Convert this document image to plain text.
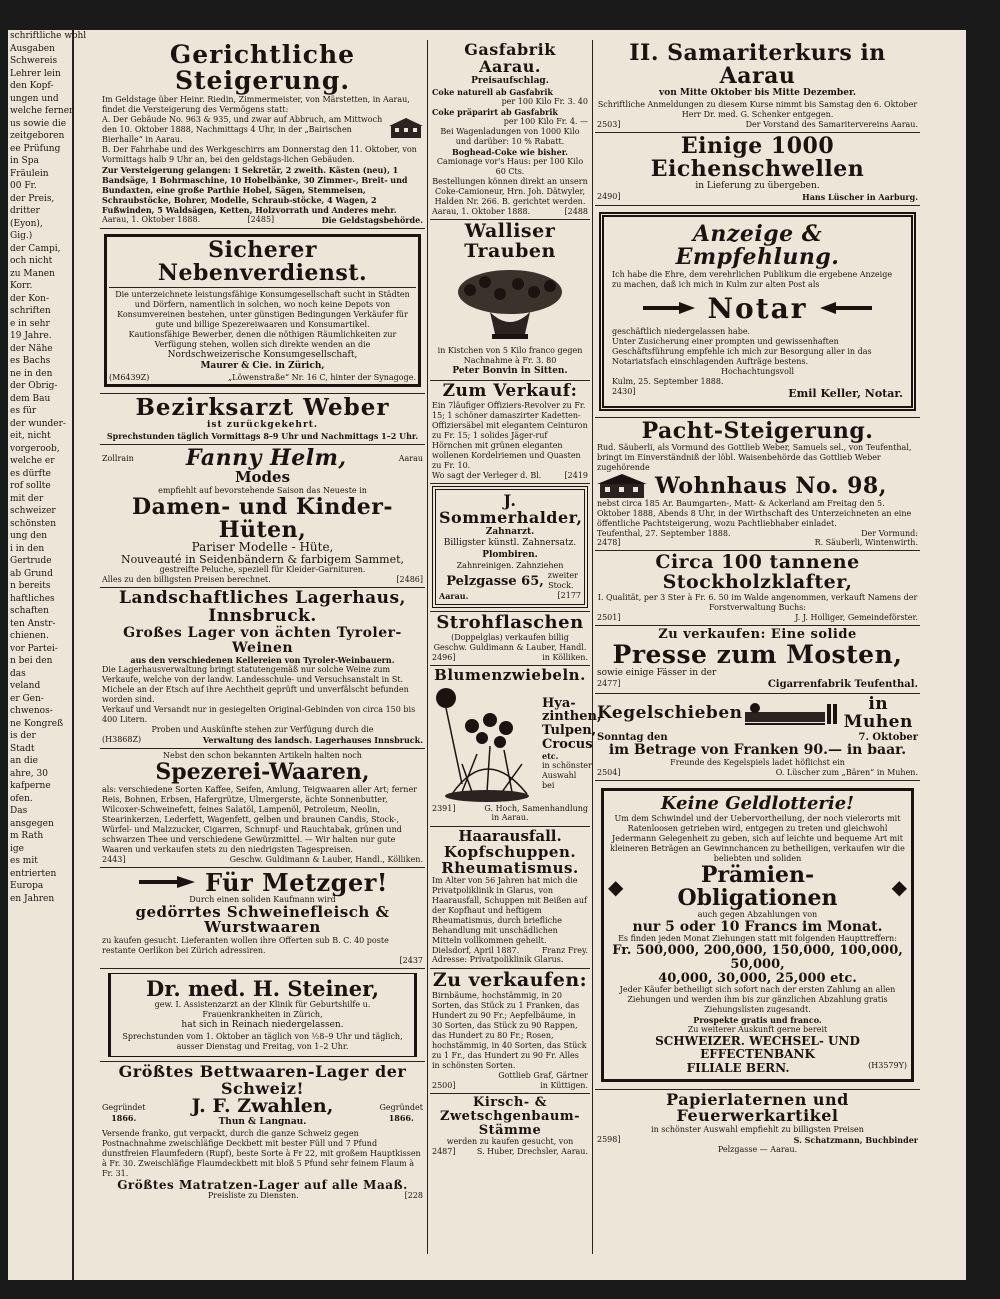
schriftliche wohl
Ausgaben
Schwereis
Lehrer lein
den Kopf-
ungen und
welche ferner
us sowie die
zeitgeboren
ee Prüfung
in Spa
Fräulein
00 Fr.
der Preis,
dritter
(Eyon),
Gig.)
der Campi,
och nicht
zu Manen
Korr.
der Kon-
schriften
e in sehr
19 Jahre.
der Nähe
es Bachs
ne in den
der Obrig-
dem Bau
es für
der wunder-
eit, nicht
vorgeroob,
welche er
es dürfte
rof sollte
mit der
schweizer
schönsten
ung den
i in den
Gertrude
ab Grund
n bereits
haftliches
schaften
ten Anstr-
chienen.
vor Partei-
n bei den
das
veland
er Gen-
chwenos-
ne Kongreß
is der
Stadt
an die
ahre, 30
kafperne
ofen.
Das
ansgegen
m Rath
ige
es mit
entrierten
Europa
en Jahren
Gerichtliche Steigerung.
Im Geldstage über Heinr. Riedin, Zimmermeister, von Märstetten, in Aarau, findet die Versteigerung des Vermögens statt:
A. Der Gebäude No. 963 & 935, und zwar auf Abbruch, am Mittwoch den 10. Oktober 1888, Nachmittags 4 Uhr, in der „Bairischen Bierhalle“ in Aarau.
B. Der Fahrhabe und des Werkgeschirrs am Donnerstag den 11. Oktober, von Vormittags halb 9 Uhr an, bei den geldstags-lichen Gebäuden.
Zur Versteigerung gelangen: 1 Sekretär, 2 zweith. Kästen (neu), 1 Bandsäge, 1 Bohrmaschine, 10 Hobelbänke, 30 Zimmer-, Breit- und Bundaxten, eine große Parthie Hobel, Sägen, Stemmeisen, Schraubstöcke, Bohrer, Modelle, Schraub-stöcke, 4 Wagen, 2 Fußwinden, 5 Waldsägen, Ketten, Holzvorrath und Anderes mehr.
Aarau, 1. Oktober 1888.	[2485]	Die Geldstagsbehörde.
Sicherer Nebenverdienst.
Die unterzeichnete leistungsfähige Konsumgesellschaft sucht in Städten und Dörfern, namentlich in solchen, wo noch keine Depots von Konsumvereinen bestehen, unter günstigen Bedingungen Verkäufer für gute und billige Spezereiwaaren und Konsumartikel.
Kautionsfähige Bewerber, denen die nöthigen Räumlichkeiten zur Verfügung stehen, wollen sich direkte wenden an die
Nordschweizerische Konsumgesellschaft,
Maurer & Cie. in Zürich,
(M6439Z)	„Löwenstraße“ Nr. 16 C, hinter der Synagoge.
Bezirksarzt Weber
ist zurückgekehrt.
Sprechstunden täglich Vormittags 8–9 Uhr und Nachmittags 1–2 Uhr.
Zollrain Fanny Helm,	Aarau
Modes
empfiehlt auf bevorstehende Saison das Neueste in
Damen- und Kinder-Hüten,
Pariser Modelle - Hüte,
Nouveauté in Seidenbändern & farbigem Sammet,
gestreifte Peluche, speziell für Kleider-Garnituren.
Alles zu den billigsten Preisen berechnet.	[2486]
Landschaftliches Lagerhaus, Innsbruck.
Großes Lager von ächten Tyroler-Weinen
aus den verschiedenen Kellereien von Tyroler-Weinbauern.
Die Lagerhausverwaltung bringt statutengemäß nur solche Weine zum Verkaufe, welche von der landw. Landesschule- und Versuchsanstalt in St. Michele an der Etsch auf ihre Aechtheit geprüft und unverfälscht befunden worden sind.
Verkauf und Versandt nur in gesiegelten Original-Gebinden von circa 150 bis 400 Litern.
Proben und Auskünfte stehen zur Verfügung durch die
(H3868Z)	Verwaltung des landsch. Lagerhauses Innsbruck.
Nebst den schon bekannten Artikeln halten noch
Spezerei-Waaren,
als: verschiedene Sorten Kaffee, Seifen, Amlung, Teigwaaren aller Art; ferner Reis, Bohnen, Erbsen, Hafergrütze, Ulmergerste, ächte Sonnenbutter, Wilcoxer-Schweinefett, feines Salatöl, Lampenöl, Petroleum, Neolin, Stearinkerzen, Lederfett, Wagenfett, gelben und braunen Candis, Stock-, Würfel- und Malzzucker, Cigarren, Schnupf- und Rauchtabak, grünen und schwarzen Thee und verschiedene Gewürzmittel. — Wir halten nur gute Waaren und verkaufen stets zu den niedrigsten Tagespreisen.
2443]	Geschw. Guldimann & Lauber, Handl., Kölliken.
Für Metzger!
Durch einen soliden Kaufmann wird
gedörrtes Schweinefleisch & Wurstwaaren
zu kaufen gesucht. Lieferanten wollen ihre Offerten sub B. C. 40 poste restante Oerlikon bei Zürich adressiren.
[2437
Dr. med. H. Steiner,
gew. I. Assistenzarzt an der Klinik für Geburtshilfe u. Frauenkrankheiten in Zürich,
hat sich in Reinach niedergelassen.
Sprechstunden vom 1. Oktober an täglich von ½8–9 Uhr und täglich, ausser Dienstag und Freitag, von 1–2 Uhr.
Größtes Bettwaaren-Lager der Schweiz!
Gegründet
1866.
J. F. Zwahlen,
Thun & Langnau.
Gegründet
1866.
Versende franko, gut verpackt, durch die ganze Schweiz gegen Postnachnahme zweischläfige Deckbett mit bester Füll und 7 Pfund dunstfreien Flaumfedern (Rupf), beste Sorte à Fr 22, mit großem Hauptkissen à Fr. 30. Zweischläfige Flaumdeckbett mit bloß 5 Pfund sehr feinem Flaum à Fr. 31.
Größtes Matratzen-Lager auf alle Maaß.
Preisliste zu Diensten.	[228
Gasfabrik Aarau.
Preisaufschlag.
Coke naturell ab Gasfabrik
per 100 Kilo Fr. 3. 40
Coke präparirt ab Gasfabrik
per 100 Kilo Fr. 4. —
Bei Wagenladungen von 1000 Kilo und darüber: 10 % Rabatt.
Boghead-Coke wie bisher.
Camionage vor's Haus: per 100 Kilo 60 Cts.
Bestellungen können direkt an unsern Coke-Camioneur, Hrn. Joh. Dätwyler, Halden Nr. 266. B. gerichtet werden.
Aarau, 1. Oktober 1888.	[2488
Walliser Trauben
in Kistchen von 5 Kilo franco gegen Nachnahme à Fr. 3. 80
Peter Bonvin in Sitten.
Zum Verkauf:
Ein 7läufiger Offiziers-Revolver zu Fr. 15; 1 schöner damaszirter Kadetten-Offiziersäbel mit elegantem Ceinturon zu Fr. 15; 1 solides Jäger-ruf Hörnchen mit grünen eleganten wollenen Kordelriemen und Quasten zu Fr. 10.
Wo sagt der Verleger d. Bl.	[2419
J. Sommerhalder,
Zahnarzt.
Billigster künstl. Zahnersatz.
Plombiren.
Zahnreinigen. Zahnziehen
Pelzgasse 65, zweiter Stock.
Aarau.	[2177
Strohflaschen
(Doppelglas) verkaufen billig
Geschw. Guldimann & Lauber, Handl.
2496]	in Kölliken.
Blumenzwiebeln.
Hya-
zinthen,
Tulpen,
Crocus
etc.
in schönster Auswahl
bei
2391]	G. Hoch, Samenhandlung
in Aarau.
Haarausfall.
Kopfschuppen.
Rheumatismus.
Im Alter von 56 Jahren hat mich die Privatpoliklinik in Glarus, von Haarausfall, Schuppen mit Beißen auf der Kopfhaut und heftigem Rheumatismus, durch briefliche Behandlung mit unschädlichen Mitteln vollkommen geheilt.
Dielsdorf, April 1887.	Franz Frey.
Adresse: Privatpoliklinik Glarus.
Zu verkaufen:
Birnbäume, hochstämmig, in 20 Sorten, das Stück zu 1 Franken, das Hundert zu 90 Fr.; Aepfelbäume, in 30 Sorten, das Stück zu 90 Rappen, das Hundert zu 80 Fr.; Rosen, hochstämmig, in 40 Sorten, das Stück zu 1 Fr., das Hundert zu 90 Fr. Alles in schönsten Sorten.
Gottlieb Graf, Gärtner
2500]	in Küttigen.
Kirsch- & Zwetschgenbaum-Stämme
werden zu kaufen gesucht, von
2487]	S. Huber, Drechsler, Aarau.
II. Samariterkurs in Aarau
von Mitte Oktober bis Mitte Dezember.
Schriftliche Anmeldungen zu diesem Kurse nimmt bis Samstag den 6. Oktober Herr Dr. med. G. Schenker entgegen.
2503]	Der Vorstand des Samaritervereins Aarau.
Einige 1000 Eichenschwellen
in Lieferung zu übergeben.
2490]	Hans Lüscher in Aarburg.
Anzeige & Empfehlung.
Ich habe die Ehre, dem verehrlichen Publikum die ergebene Anzeige zu machen, daß ich mich in Kulm zur alten Post als
Notar
geschäftlich niedergelassen habe.
Unter Zusicherung einer prompten und gewissenhaften Geschäftsführung empfehle ich mich zur Besorgung aller in das Notariatsfach einschlagenden Aufträge bestens.
Hochachtungsvoll
Kulm, 25. September 1888.
2430]	Emil Keller, Notar.
Pacht-Steigerung.
Rud. Säuberli, als Vormund des Gottlieb Weber, Samuels sel., von Teufenthal, bringt im Einverständniß der löbl. Waisenbehörde das Gottlieb Weber zugehörende
Wohnhaus No. 98,
nebst circa 185 Ar. Baumgarten-, Matt- & Ackerland am Freitag den 5. Oktober 1888, Abends 8 Uhr, in der Wirthschaft des Unterzeichneten an eine öffentliche Pachtsteigerung, wozu Pachtliebhaber einladet.
Teufenthal, 27. September 1888.	Der Vormund:
2478]	R. Säuberli, Wintenwirth.
Circa 100 tannene Stockholzklafter,
I. Qualität, per 3 Ster à Fr. 6. 50 im Walde angenommen, verkauft Namens der Forstverwaltung Buchs:
2501]	J. J. Holliger, Gemeindeförster.
Zu verkaufen: Eine solide
Presse zum Mosten,
sowie einige Fässer in der
2477]	Cigarrenfabrik Teufenthal.
Kegelschieben	in Muhen
Sonntag den	7. Oktober
im Betrage von Franken 90.— in baar.
Freunde des Kegelspiels ladet höflichst ein
2504]	O. Lüscher zum „Bären“ in Muhen.
Keine Geldlotterie!
Um dem Schwindel und der Uebervortheilung, der noch vielerorts mit Ratenloosen getrieben wird, entgegen zu treten und gleichwohl Jedermann Gelegenheit zu geben, sich auf leichte und bequeme Art mit kleineren Beträgen an Gewinnchancen zu betheiligen, verkaufen wir die beliebten und soliden
◆	Prämien-Obligationen	◆
auch gegen Abzahlungen von
nur 5 oder 10 Francs im Monat.
Es finden jeden Monat Ziehungen statt mit folgenden Haupttreffern:
Fr. 500,000, 200,000, 150,000, 100,000, 50,000,
40,000, 30,000, 25,000 etc.
Jeder Käufer betheiligt sich sofort nach der ersten Zahlung an allen Ziehungen und werden ihm bis zur gänzlichen Abzahlung gratis Ziehungslisten zugesandt.
Prospekte gratis und franco.
Zu weiterer Auskunft gerne bereit
SCHWEIZER. WECHSEL- UND EFFECTENBANK
FILIALE BERN.	(H3579Y)
Papierlaternen und Feuerwerkartikel
in schönster Auswahl empfiehlt zu billigsten Preisen
2598]	S. Schatzmann, Buchbinder
Pelzgasse — Aarau.
